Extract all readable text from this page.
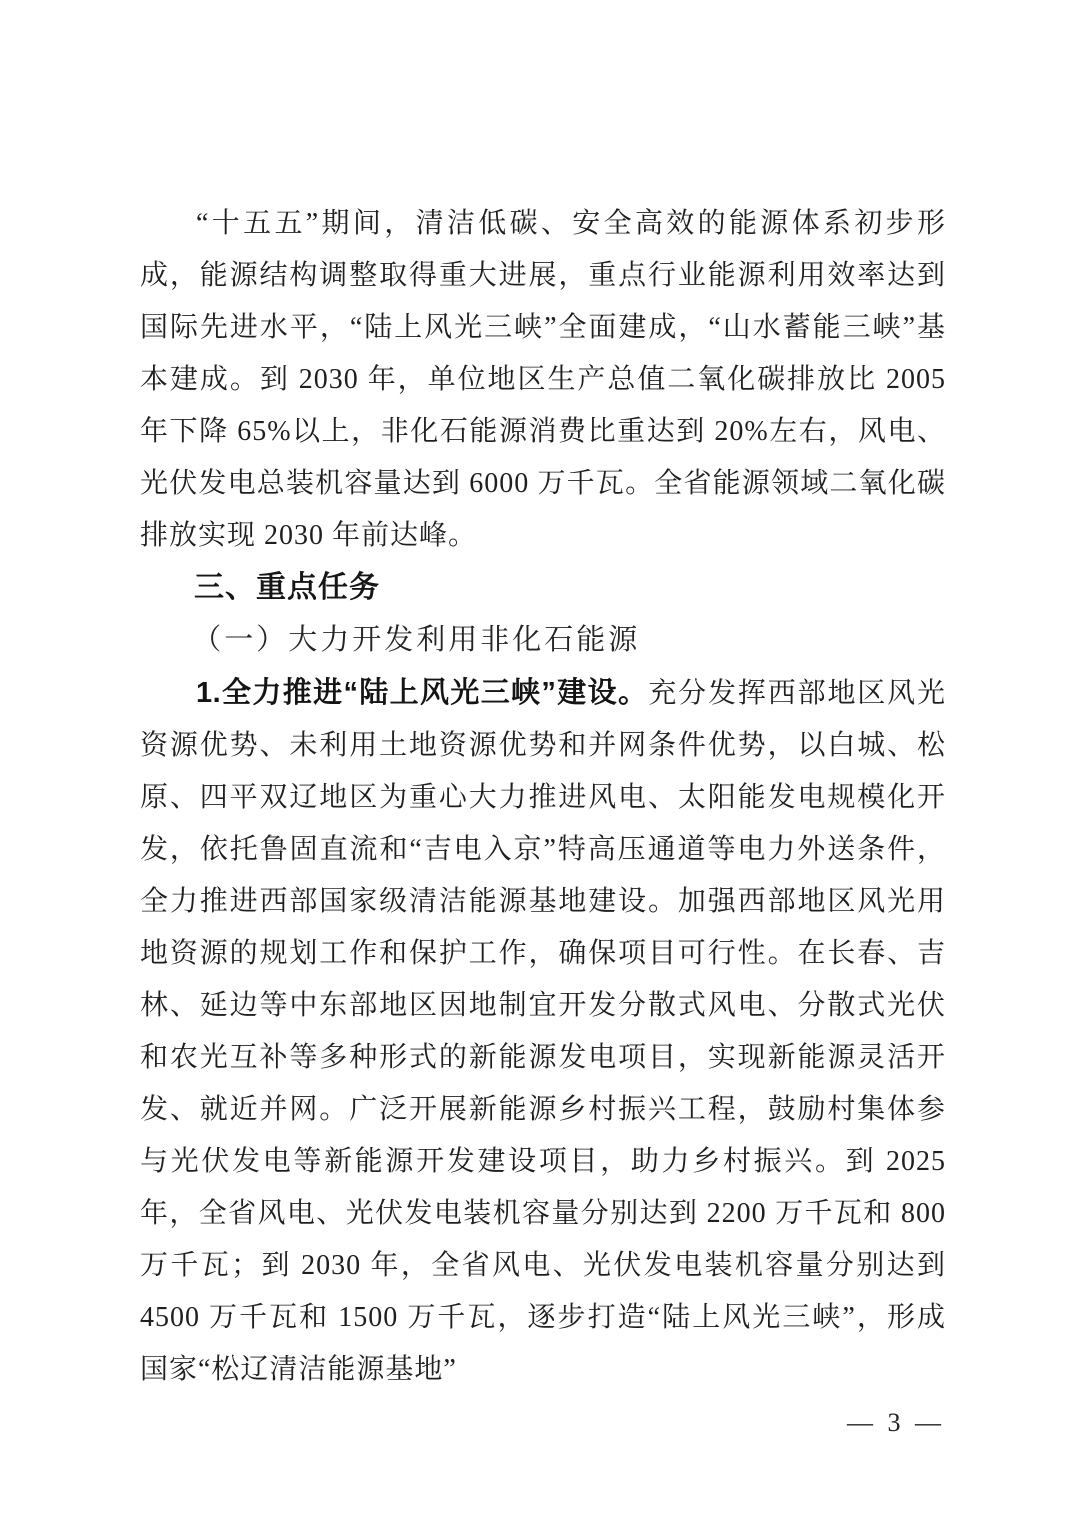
“十五五”期间，清洁低碳、安全高效的能源体系初步形成，能源结构调整取得重大进展，重点行业能源利用效率达到国际先进水平，“陆上风光三峡”全面建成，“山水蓄能三峡”基本建成。到 2030 年，单位地区生产总值二氧化碳排放比 2005 年下降 65%以上，非化石能源消费比重达到 20%左右，风电、光伏发电总装机容量达到 6000 万千瓦。全省能源领域二氧化碳排放实现 2030 年前达峰。

三、重点任务
（一）大力开发利用非化石能源

1.全力推进“陆上风光三峡”建设。充分发挥西部地区风光资源优势、未利用土地资源优势和并网条件优势，以白城、松原、四平双辽地区为重心大力推进风电、太阳能发电规模化开发，依托鲁固直流和“吉电入京”特高压通道等电力外送条件，全力推进西部国家级清洁能源基地建设。加强西部地区风光用地资源的规划工作和保护工作，确保项目可行性。在长春、吉林、延边等中东部地区因地制宜开发分散式风电、分散式光伏和农光互补等多种形式的新能源发电项目，实现新能源灵活开发、就近并网。广泛开展新能源乡村振兴工程，鼓励村集体参与光伏发电等新能源开发建设项目，助力乡村振兴。到 2025 年，全省风电、光伏发电装机容量分别达到 2200 万千瓦和 800 万千瓦；到 2030 年，全省风电、光伏发电装机容量分别达到 4500 万千瓦和 1500 万千瓦，逐步打造“陆上风光三峡”，形成国家“松辽清洁能源基地”

— 3 —
